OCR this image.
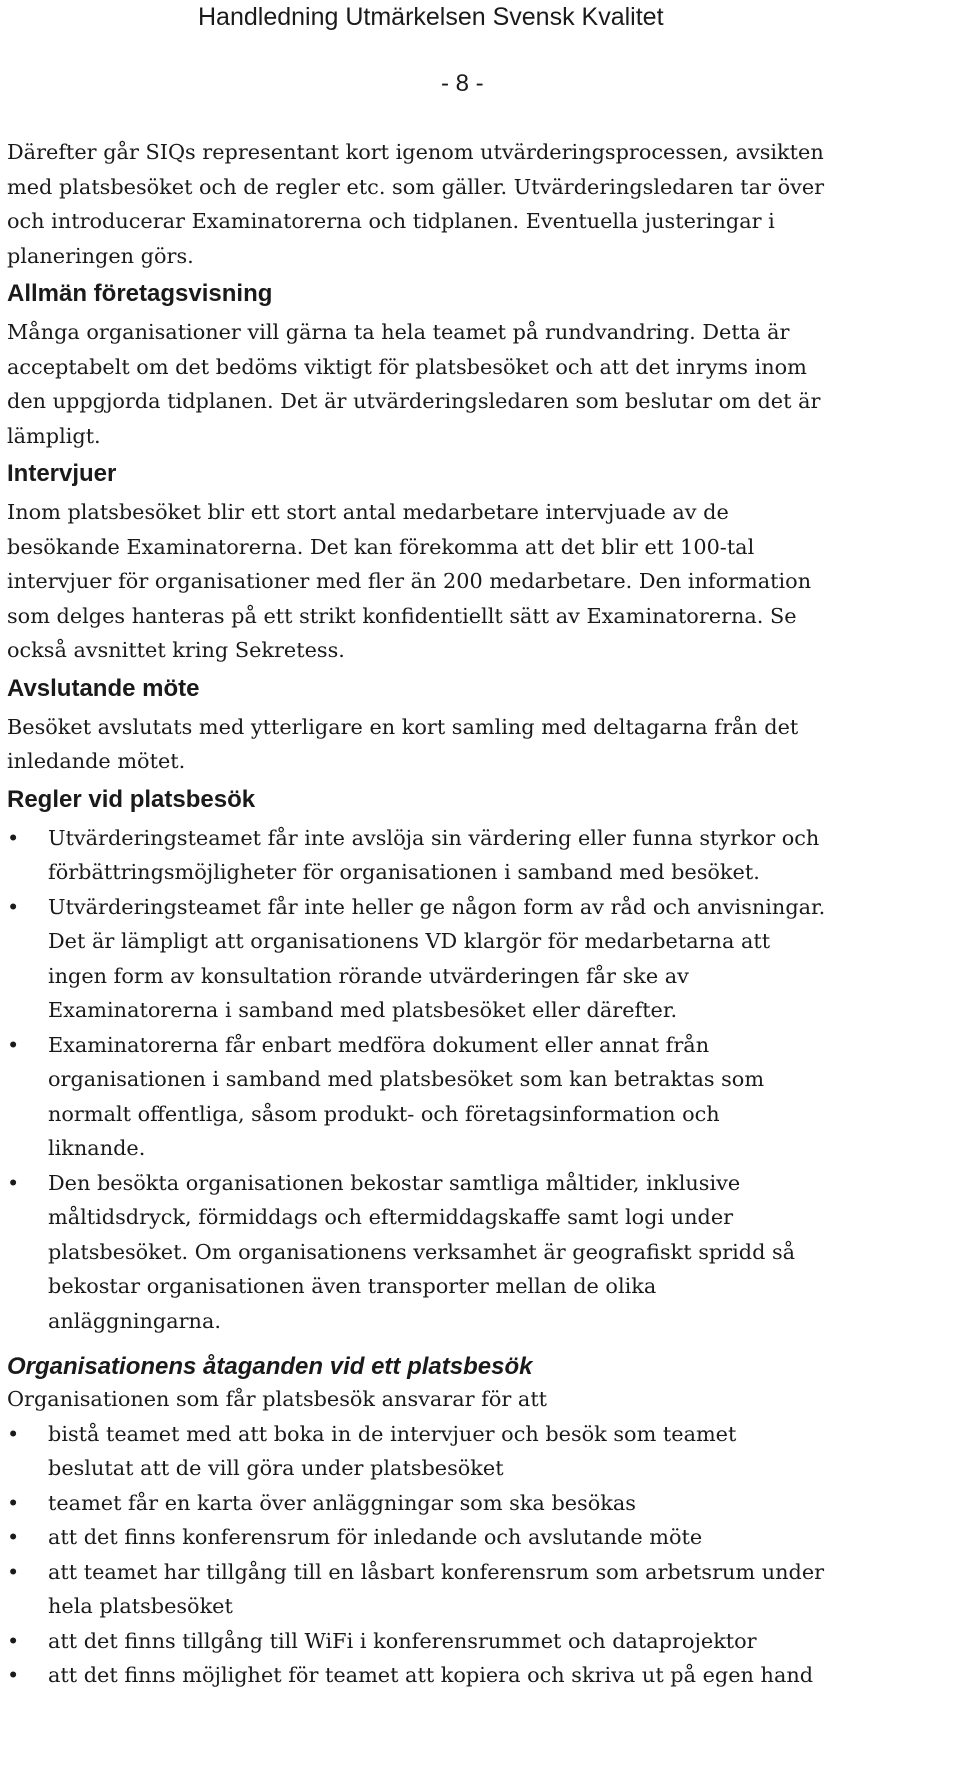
Handledning Utmärkelsen Svensk Kvalitet
- 8 -

Därefter går SIQs representant kort igenom utvärderingsprocessen, avsikten
med platsbesöket och de regler etc. som gäller. Utvärderingsledaren tar över
och introducerar Examinatorerna och tidplanen. Eventuella justeringar i
planeringen görs.

Allmän företagsvisning

Många organisationer vill gärna ta hela teamet på rundvandring. Detta är
acceptabelt om det bedöms viktigt för platsbesöket och att det inryms inom
den uppgjorda tidplanen. Det är utvärderingsledaren som beslutar om det är
lämpligt.

Intervjuer

Inom platsbesöket blir ett stort antal medarbetare intervjuade av de
besökande Examinatorerna. Det kan förekomma att det blir ett 100-tal
intervjuer för organisationer med fler än 200 medarbetare. Den information
som delges hanteras på ett strikt konfidentiellt sätt av Examinatorerna. Se
också avsnittet kring Sekretess.

Avslutande möte

Besöket avslutats med ytterligare en kort samling med deltagarna från det
inledande mötet.

Regler vid platsbesök
•	Utvärderingsteamet får inte avslöja sin värdering eller funna styrkor och
förbättringsmöjligheter för organisationen i samband med besöket.
•	Utvärderingsteamet får inte heller ge någon form av råd och anvisningar.
Det är lämpligt att organisationens VD klargör för medarbetarna att
ingen form av konsultation rörande utvärderingen får ske av
Examinatorerna i samband med platsbesöket eller därefter.
•	Examinatorerna får enbart medföra dokument eller annat från
organisationen i samband med platsbesöket som kan betraktas som
normalt offentliga, såsom produkt- och företagsinformation och
liknande.
•	Den besökta organisationen bekostar samtliga måltider, inklusive
måltidsdryck, förmiddags och eftermiddagskaffe samt logi under
platsbesöket. Om organisationens verksamhet är geografiskt spridd så
bekostar organisationen även transporter mellan de olika
anläggningarna.
Organisationens åtaganden vid ett platsbesök

Organisationen som får platsbesök ansvarar för att

•	bistå teamet med att boka in de intervjuer och besök som teamet
beslutat att de vill göra under platsbesöket
•	teamet får en karta över anläggningar som ska besökas
•	att det finns konferensrum för inledande och avslutande möte
•	att teamet har tillgång till en låsbart konferensrum som arbetsrum under
hela platsbesöket
•	att det finns tillgång till WiFi i konferensrummet och dataprojektor
•	att det finns möjlighet för teamet att kopiera och skriva ut på egen hand
